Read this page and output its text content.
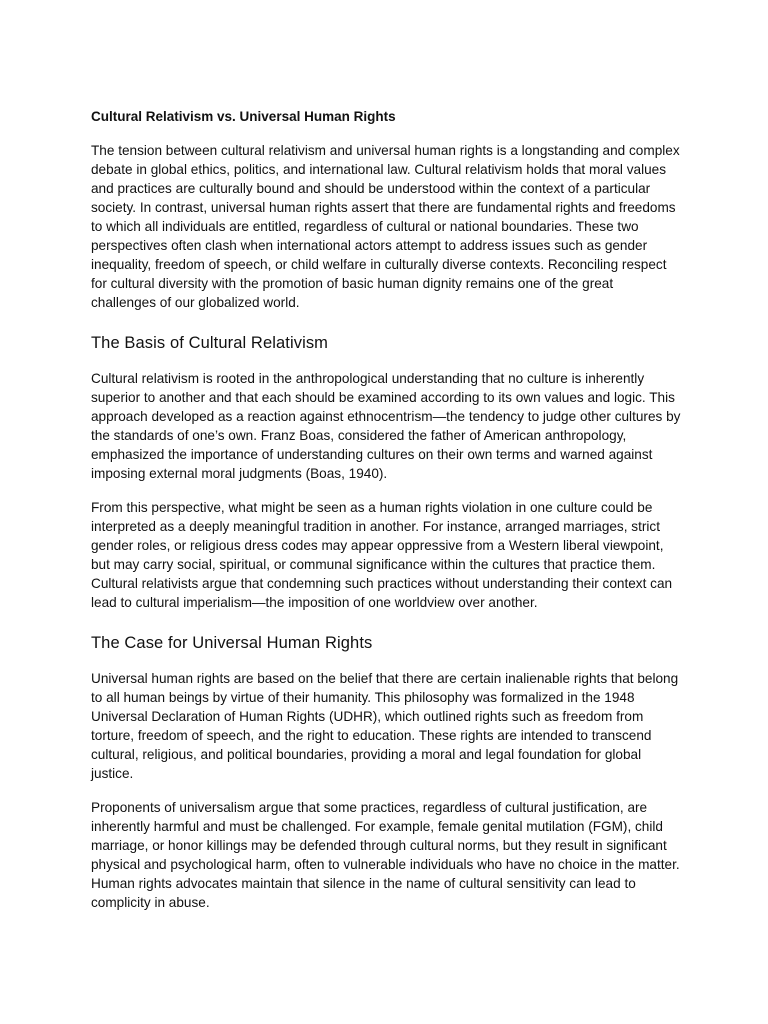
Cultural Relativism vs. Universal Human Rights

The tension between cultural relativism and universal human rights is a longstanding and complex debate in global ethics, politics, and international law. Cultural relativism holds that moral values and practices are culturally bound and should be understood within the context of a particular society. In contrast, universal human rights assert that there are fundamental rights and freedoms to which all individuals are entitled, regardless of cultural or national boundaries. These two perspectives often clash when international actors attempt to address issues such as gender inequality, freedom of speech, or child welfare in culturally diverse contexts. Reconciling respect for cultural diversity with the promotion of basic human dignity remains one of the great challenges of our globalized world.

The Basis of Cultural Relativism

Cultural relativism is rooted in the anthropological understanding that no culture is inherently superior to another and that each should be examined according to its own values and logic. This approach developed as a reaction against ethnocentrism—the tendency to judge other cultures by the standards of one’s own. Franz Boas, considered the father of American anthropology, emphasized the importance of understanding cultures on their own terms and warned against imposing external moral judgments (Boas, 1940).

From this perspective, what might be seen as a human rights violation in one culture could be interpreted as a deeply meaningful tradition in another. For instance, arranged marriages, strict gender roles, or religious dress codes may appear oppressive from a Western liberal viewpoint, but may carry social, spiritual, or communal significance within the cultures that practice them. Cultural relativists argue that condemning such practices without understanding their context can lead to cultural imperialism—the imposition of one worldview over another.

The Case for Universal Human Rights

Universal human rights are based on the belief that there are certain inalienable rights that belong to all human beings by virtue of their humanity. This philosophy was formalized in the 1948 Universal Declaration of Human Rights (UDHR), which outlined rights such as freedom from torture, freedom of speech, and the right to education. These rights are intended to transcend cultural, religious, and political boundaries, providing a moral and legal foundation for global justice.

Proponents of universalism argue that some practices, regardless of cultural justification, are inherently harmful and must be challenged. For example, female genital mutilation (FGM), child marriage, or honor killings may be defended through cultural norms, but they result in significant physical and psychological harm, often to vulnerable individuals who have no choice in the matter. Human rights advocates maintain that silence in the name of cultural sensitivity can lead to complicity in abuse.
